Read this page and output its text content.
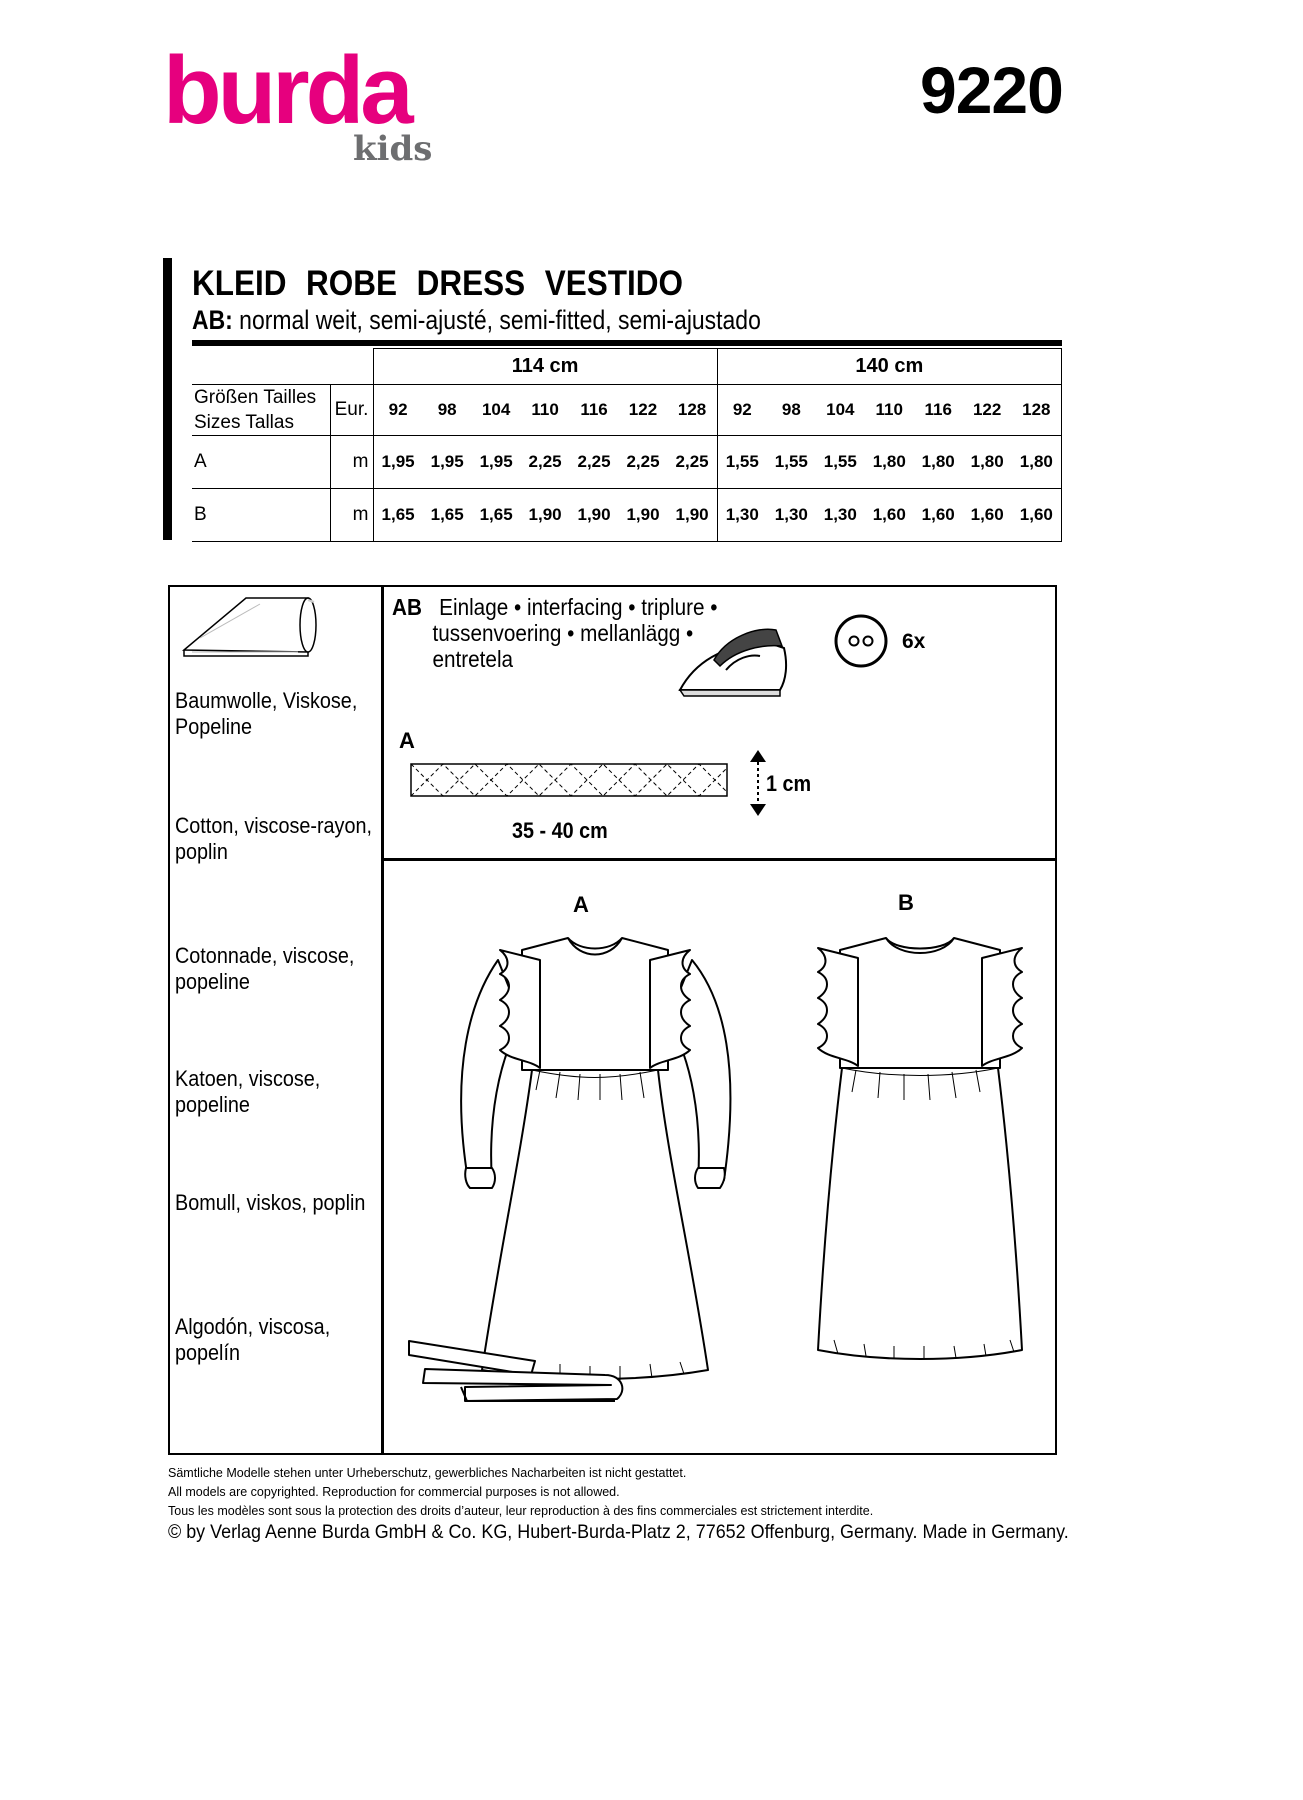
burda
kids
9220
KLEID ROBE DRESS VESTIDO
AB: normal weit, semi-ajusté, semi-fitted, semi-ajustado
		114 cm							140 cm						

Größen Tailles
Sizes Tallas	Eur.	92	98	104	110	116	122	128	92	98	104	110	116	122	128
A	m	1,95	1,95	1,95	2,25	2,25	2,25	2,25	1,55	1,55	1,55	1,80	1,80	1,80	1,80
B	m	1,65	1,65	1,65	1,90	1,90	1,90	1,90	1,30	1,30	1,30	1,60	1,60	1,60	1,60
Baumwolle, Viskose,
Popeline
Cotton, viscose-rayon,
poplin
Cotonnade, viscose,
popeline
Katoen, viscose,
popeline
Bomull, viskos, poplin
Algodón, viscosa,
popelín
AB Einlage • interfacing • triplure •
tussenvoering • mellanlägg •
entretela
6x
A
1 cm
35 - 40 cm
A	B
Sämtliche Modelle stehen unter Urheberschutz, gewerbliches Nacharbeiten ist nicht gestattet.
All models are copyrighted. Reproduction for commercial purposes is not allowed.
Tous les modèles sont sous la protection des droits d’auteur, leur reproduction à des fins commerciales est strictement interdite.
© by Verlag Aenne Burda GmbH & Co. KG, Hubert-Burda-Platz 2, 77652 Offenburg, Germany. Made in Germany.
